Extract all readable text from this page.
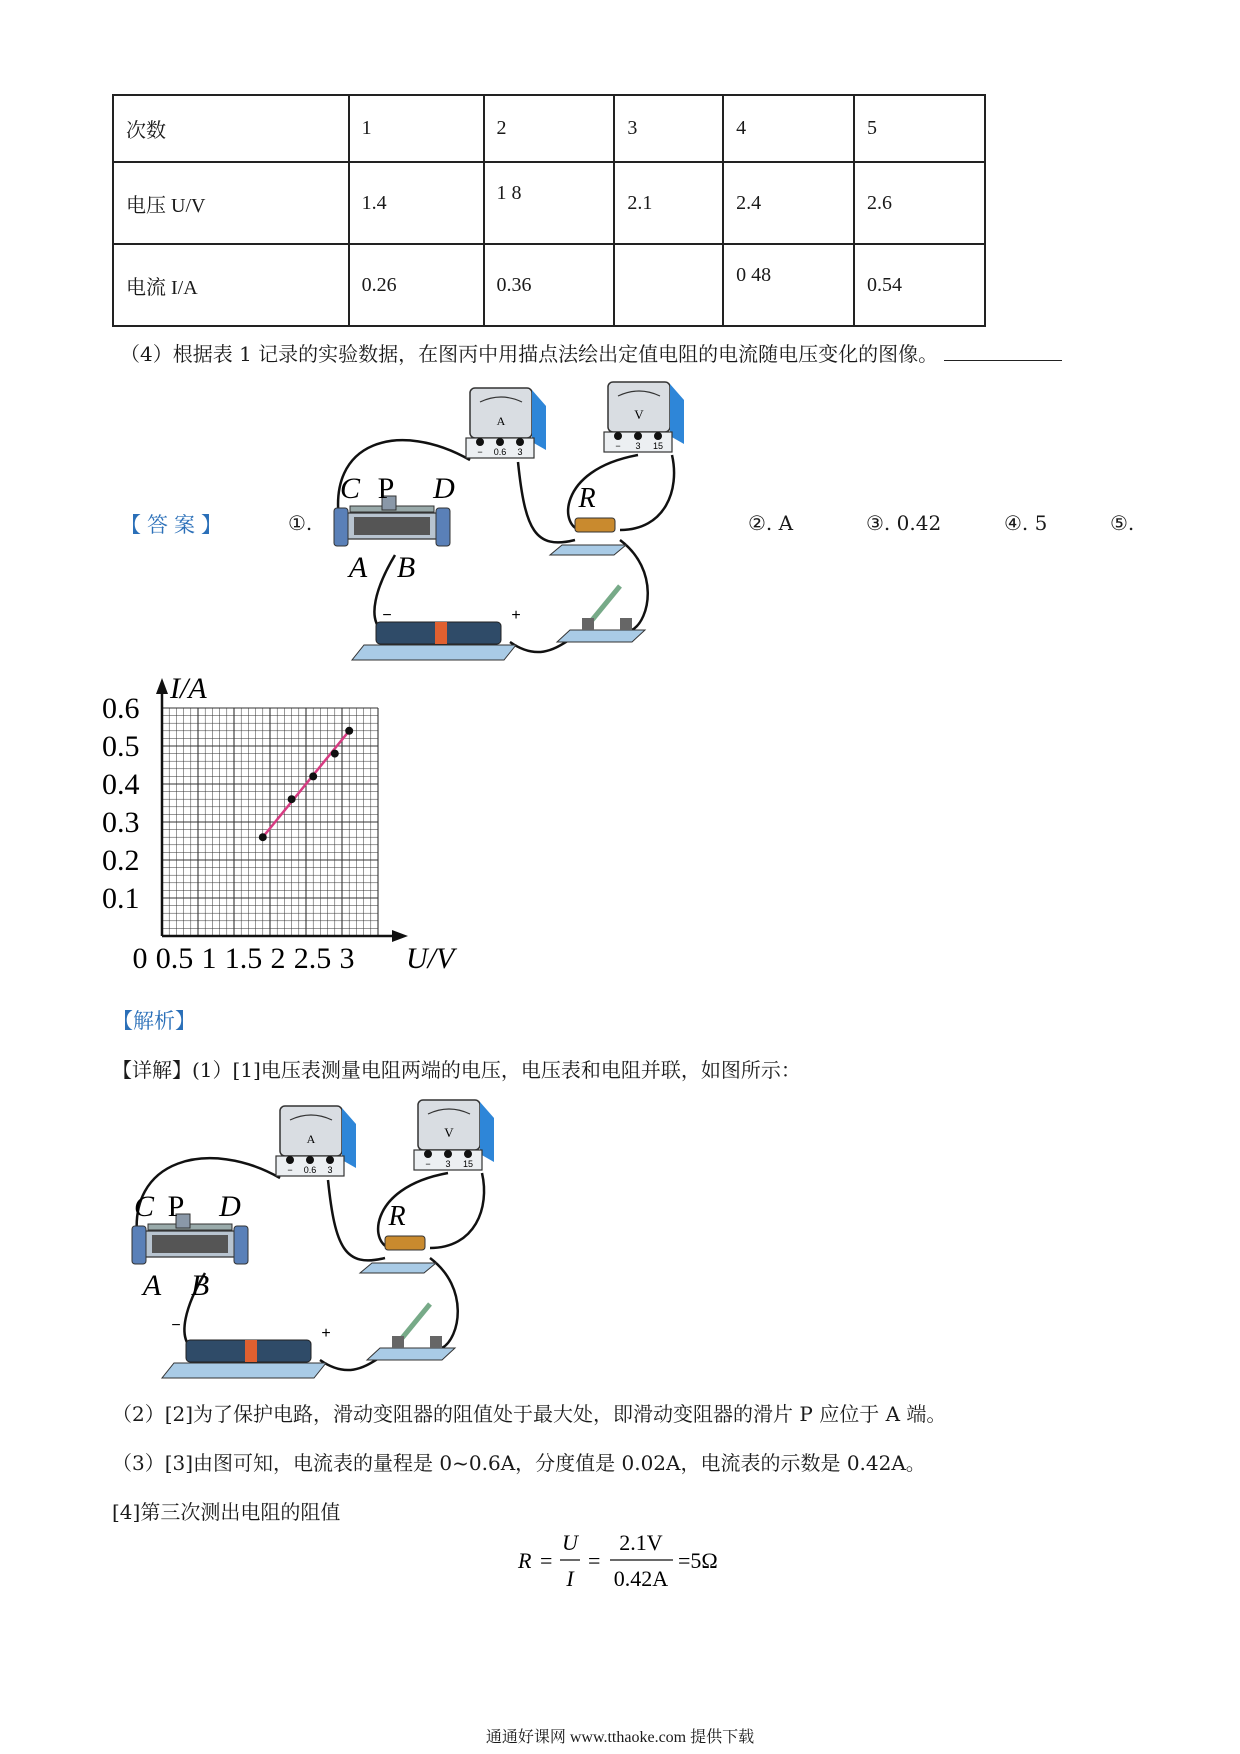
次数	1	2	3	4	5
电压 U/V	1.4	1 8	2.1	2.4	2.6
电流 I/A	0.26	0.36		0 48	0.54
（4）根据表 1 记录的实验数据，在图丙中用描点法绘出定值电阻的电流随电压变化的图像。
【答案】	①.	②. A	③. 0.42	④. 5	⑤.
A
− 0.6 3
V
− 3 15
R
C P D
A B
−	+
0 0.5 1 1.5 2 2.5 3
0.1
0.2
0.3
0.4
0.5
0.6
I/A
U/V
【解析】
【详解】(1）[1]电压表测量电阻两端的电压，电压表和电阻并联，如图所示：
A
− 0.6 3
V
− 3 15
R
C P D
A B
−	+
（2）[2]为了保护电路，滑动变阻器的阻值处于最大处，即滑动变阻器的滑片 P 应位于 A 端。
（3）[3]由图可知，电流表的量程是 0~0.6A，分度值是 0.02A，电流表的示数是 0.42A。
[4]第三次测出电阻的阻值
R =
U
I
=
2.1V
0.42A
=5Ω
通通好课网 www.tthaoke.com 提供下载
